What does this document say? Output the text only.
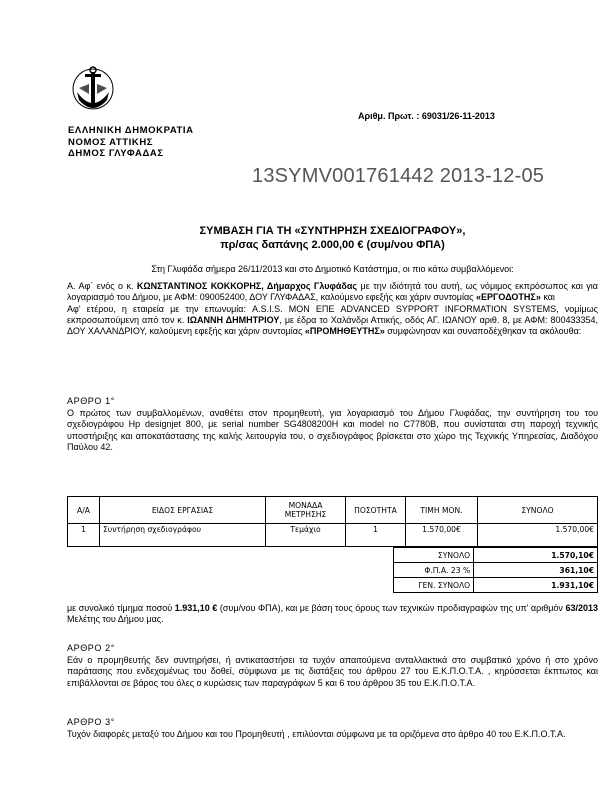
ΕΛΛΗΝΙΚΗ ΔΗΜΟΚΡΑΤΙΑ
ΝΟΜΟΣ ΑΤΤΙΚΗΣ
ΔΗΜΟΣ ΓΛΥΦΑΔΑΣ
Αριθμ. Πρωτ. : 69031/26-11-2013
13SYMV001761442 2013-12-05
ΣΥΜΒΑΣΗ ΓΙΑ ΤΗ «ΣΥΝΤΗΡΗΣΗ ΣΧΕΔΙΟΓΡΑΦΟΥ»,
πρ/σας δαπάνης 2.000,00 € (συμ/νου ΦΠΑ)
Στη Γλυφάδα σήμερα 26/11/2013 και στο Δημοτικό Κατάστημα, οι πιο κάτω συμβαλλόμενοι:
Α. Αφ΄ ενός ο κ. ΚΩΝΣΤΑΝΤΙΝΟΣ ΚΟΚΚΟΡΗΣ, Δήμαρχος Γλυφάδας με την ιδιότητά του αυτή, ως νόμιμος εκπρόσωπος και για λογαριασμό του Δήμου, με ΑΦΜ: 090052400, ΔΟΥ ΓΛΥΦΑΔΑΣ, καλούμενο εφεξής και χάριν συντομίας «ΕΡΓΟΔΟΤΗΣ» και
Αφ' ετέρου, η εταιρεία με την επωνυμία: A.S.I.S. MON ΕΠΕ ADVANCED SYPPORT INFORMATION SYSTEMS, νομίμως εκπροσωπούμενη από τον κ. ΙΩΑΝΝΗ ΔΗΜΗΤΡΙΟΥ, με έδρα το Χαλάνδρι Αττικής, οδός ΑΓ. ΙΩΑΝΟΥ αριθ. 8, με ΑΦΜ: 800433354, ΔΟΥ ΧΑΛΑΝΔΡΙΟΥ, καλούμενη εφεξής και χάριν συντομίας «ΠΡΟΜΗΘΕΥΤΗΣ» συμφώνησαν και συναποδέχθηκαν τα ακόλουθα:
ΑΡΘΡΟ 1°
Ο πρώτος των συμβαλλομένων, αναθέτει στον προμηθευτή, για λογαριασμό του Δήμου Γλυφάδας, την συντήρηση του του σχεδιογράφου Hp designjet 800, με serial number SG4808200H και model no C7780B, που συνίσταται στη παροχή τεχνικής υποστήριξης και αποκατάστασης της καλής λειτουργία του, ο σχεδιογράφος βρίσκεται στο χώρο της Τεχνικής Υπηρεσίας, Διαδόχου Παύλου 42.
Α/Α	ΕΙΔΟΣ ΕΡΓΑΣΙΑΣ	ΜΟΝΑΔΑ ΜΕΤΡΗΣΗΣ	ΠΟΣΟΤΗΤΑ	ΤΙΜΗ ΜΟΝ.	ΣΥΝΟΛΟ
1	Συντήρηση σχεδιογράφου	Τεμάχιο	1	1.570,00€	1.570,00€
ΣΥΝΟΛΟ	1.570,10€
Φ.Π.Α. 23 %	361,10€
ΓΕΝ. ΣΥΝΟΛΟ	1.931,10€
με συνολικό τίμημα ποσού 1.931,10 € (συμ/νου ΦΠΑ), και με βάση τους όρους των τεχνικών προδιαγραφών της υπ' αριθμόν 63/2013 Μελέτης του Δήμου μας.
ΑΡΘΡΟ 2°
Εάν ο προμηθευτής δεν συντηρήσει, ή αντικαταστήσει τα τυχόν απαιτούμενα ανταλλακτικά στο συμβατικό χρόνο ή στο χρόνο παράτασης που ενδεχομένως του δοθεί, σύμφωνα με τις διατάξεις του άρθρου 27 του Ε.Κ.Π.Ο.Τ.Α. , κηρύσσεται έκπτωτος και επιβάλλονται σε βάρος του όλες ο κυρώσεις των παραγράφων 5 και 6 του άρθρου 35 του Ε.Κ.Π.Ο.Τ.Α.
ΑΡΘΡΟ 3°
Τυχόν διαφορές μεταξύ του Δήμου και του Προμηθευτή , επιλύονται σύμφωνα με τα οριζόμενα στο άρθρο 40 του Ε.Κ.Π.Ο.Τ.Α.
